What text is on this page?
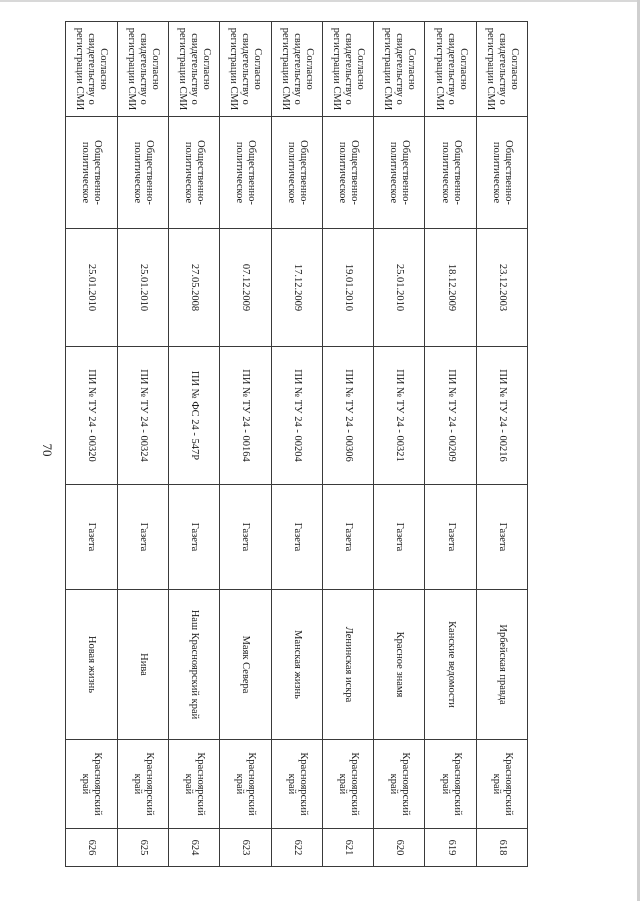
70
Согласно свидетельству о регистрации СМИ	Общественно-политическое	23.12.2003	ПИ № ТУ 24 - 00216	Газета	Ирбейская правда	Красноярский край	618
Согласно свидетельству о регистрации СМИ	Общественно-политическое	18.12.2009	ПИ № ТУ 24 - 00209	Газета	Канские ведомости	Красноярский край	619
Согласно свидетельству о регистрации СМИ	Общественно-политическое	25.01.2010	ПИ № ТУ 24 - 00321	Газета	Красное знамя	Красноярский край	620
Согласно свидетельству о регистрации СМИ	Общественно-политическое	19.01.2010	ПИ № ТУ 24 - 00306	Газета	Ленинская искра	Красноярский край	621
Согласно свидетельству о регистрации СМИ	Общественно-политическое	17.12.2009	ПИ № ТУ 24 - 00204	Газета	Манская жизнь	Красноярский край	622
Согласно свидетельству о регистрации СМИ	Общественно-политическое	07.12.2009	ПИ № ТУ 24 - 00164	Газета	Маяк Севера	Красноярский край	623
Согласно свидетельству о регистрации СМИ	Общественно-политическое	27.05.2008	ПИ № ФС 24 - 547Р	Газета	Наш Красноярский край	Красноярский край	624
Согласно свидетельству о регистрации СМИ	Общественно-политическое	25.01.2010	ПИ № ТУ 24 - 00324	Газета	Нива	Красноярский край	625
Согласно свидетельству о регистрации СМИ	Общественно-политическое	25.01.2010	ПИ № ТУ 24 - 00320	Газета	Новая жизнь	Красноярский край	626
